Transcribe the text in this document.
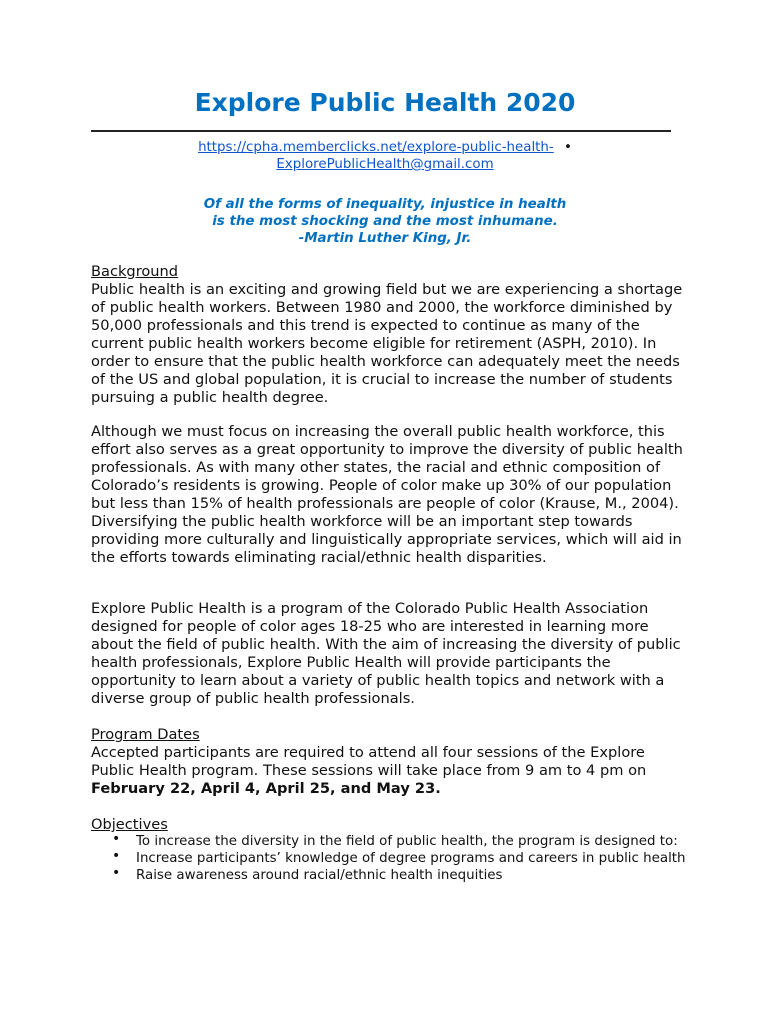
Explore Public Health 2020
https://cpha.memberclicks.net/explore-public-health- •
ExplorePublicHealth@gmail.com
Of all the forms of inequality, injustice in health
is the most shocking and the most inhumane.
-Martin Luther King, Jr.
Background
Public health is an exciting and growing field but we are experiencing a shortage of public health workers. Between 1980 and 2000, the workforce diminished by 50,000 professionals and this trend is expected to continue as many of the current public health workers become eligible for retirement (ASPH, 2010). In order to ensure that the public health workforce can adequately meet the needs of the US and global population, it is crucial to increase the number of students pursuing a public health degree.

Although we must focus on increasing the overall public health workforce, this effort also serves as a great opportunity to improve the diversity of public health professionals. As with many other states, the racial and ethnic composition of Colorado’s residents is growing. People of color make up 30% of our population but less than 15% of health professionals are people of color (Krause, M., 2004). Diversifying the public health workforce will be an important step towards providing more culturally and linguistically appropriate services, which will aid in the efforts towards eliminating racial/ethnic health disparities.

Explore Public Health is a program of the Colorado Public Health Association designed for people of color ages 18-25 who are interested in learning more about the field of public health. With the aim of increasing the diversity of public health professionals, Explore Public Health will provide participants the opportunity to learn about a variety of public health topics and network with a diverse group of public health professionals.

Program Dates
Accepted participants are required to attend all four sessions of the Explore Public Health program. These sessions will take place from 9 am to 4 pm on February 22, April 4, April 25, and May 23.
Objectives
• To increase the diversity in the field of public health, the program is designed to:
• Increase participants’ knowledge of degree programs and careers in public health
• Raise awareness around racial/ethnic health inequities
